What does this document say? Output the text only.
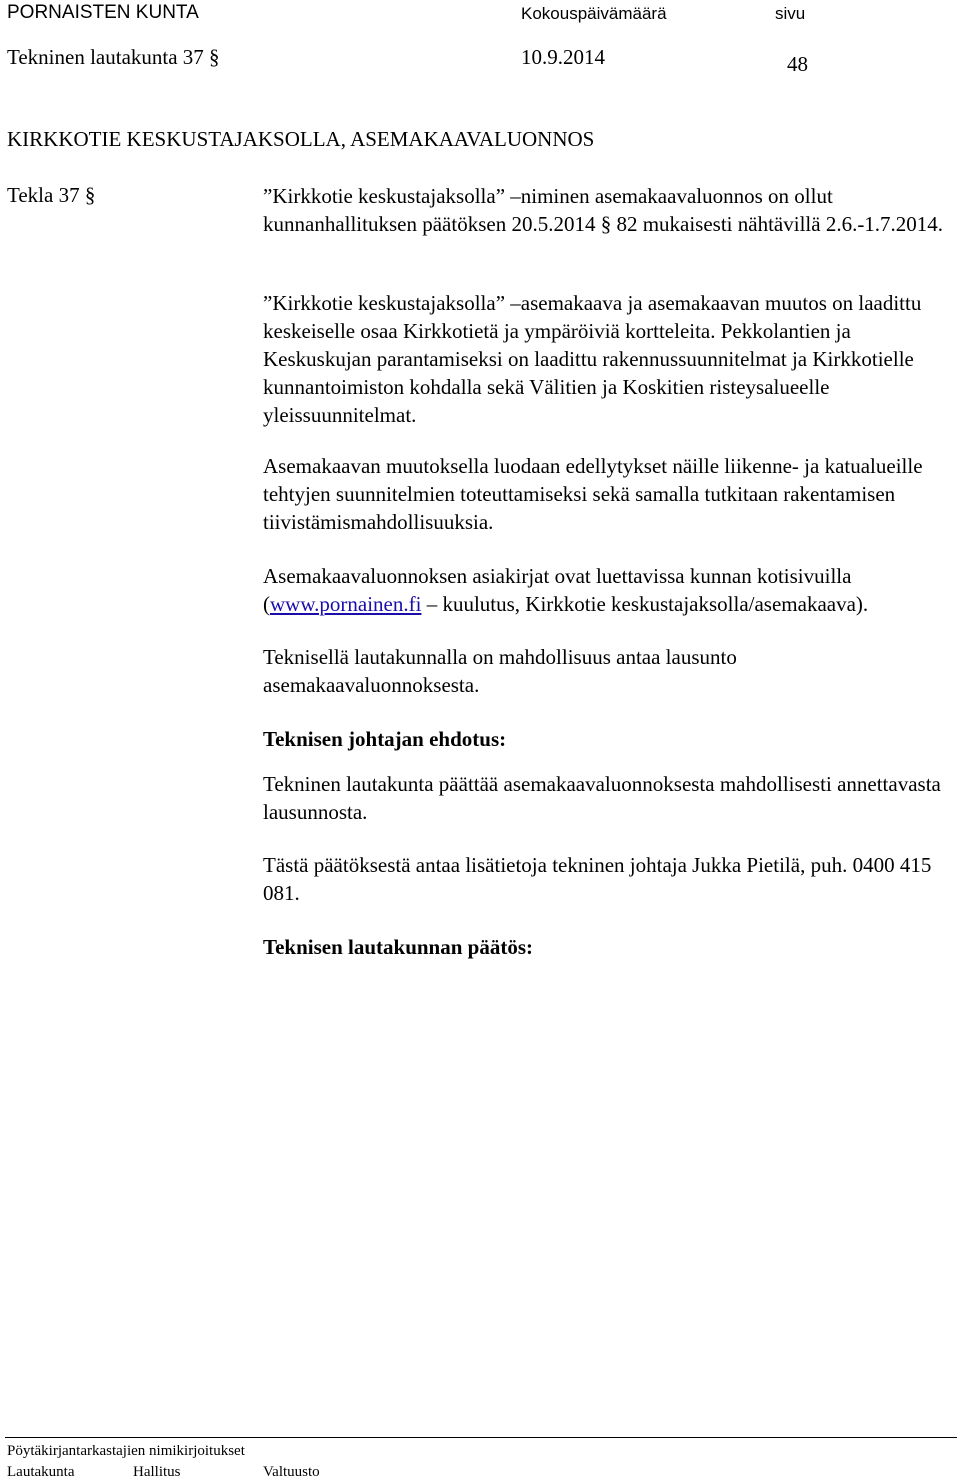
PORNAISTEN KUNTA	Kokouspäivämäärä	sivu
Tekninen lautakunta 37 §	10.9.2014	48
KIRKKOTIE KESKUSTAJAKSOLLA, ASEMAKAAVALUONNOS
Tekla 37 §	”Kirkkotie keskustajaksolla” –niminen asemakaavaluonnos on ollut kunnanhallituksen päätöksen 20.5.2014 § 82 mukaisesti nähtävillä 2.6.-1.7.2014.

”Kirkkotie keskustajaksolla” –asemakaava ja asemakaavan muutos on laadittu keskeiselle osaa Kirkkotietä ja ympäröiviä kortteleita. Pekkolantien ja Keskuskujan parantamiseksi on laadittu rakennussuunnitelmat ja Kirkkotielle kunnantoimiston kohdalla sekä Välitien ja Koskitien risteysalueelle yleissuunnitelmat.

Asemakaavan muutoksella luodaan edellytykset näille liikenne- ja katualueille tehtyjen suunnitelmien toteuttamiseksi sekä samalla tutkitaan rakentamisen tiivistämismahdollisuuksia.

Asemakaavaluonnoksen asiakirjat ovat luettavissa kunnan kotisivuilla (www.pornainen.fi – kuulutus, Kirkkotie keskustajaksolla/asemakaava).

Teknisellä lautakunnalla on mahdollisuus antaa lausunto asemakaavaluonnoksesta.

Teknisen johtajan ehdotus:

Tekninen lautakunta päättää asemakaavaluonnoksesta mahdollisesti annettavasta lausunnosta.

Tästä päätöksestä antaa lisätietoja tekninen johtaja Jukka Pietilä, puh. 0400 415 081.

Teknisen lautakunnan päätös:
Pöytäkirjantarkastajien nimikirjoitukset
Lautakunta	Hallitus	Valtuusto
